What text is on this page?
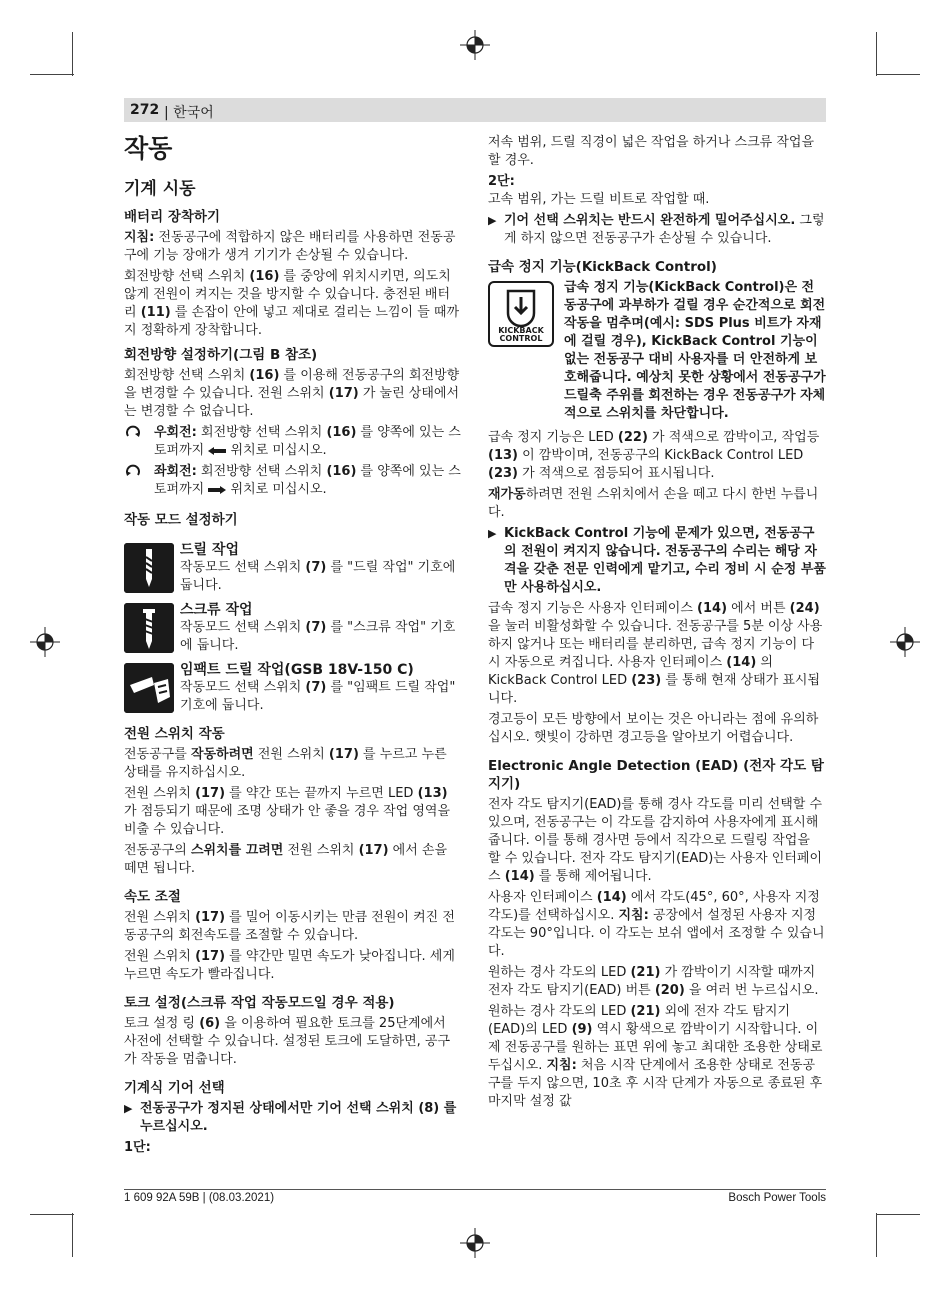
272 | 한국어
작동
기계 시동
배터리 장착하기

지침: 전동공구에 적합하지 않은 배터리를 사용하면 전동공구에 기능 장애가 생겨 기기가 손상될 수 있습니다.

회전방향 선택 스위치 (16) 를 중앙에 위치시키면, 의도치 않게 전원이 켜지는 것을 방지할 수 있습니다. 충전된 배터리 (11) 를 손잡이 안에 넣고 제대로 걸리는 느낌이 들 때까지 정확하게 장착합니다.

회전방향 설정하기(그림 B 참조)

회전방향 선택 스위치 (16) 를 이용해 전동공구의 회전방향을 변경할 수 있습니다. 전원 스위치 (17) 가 눌린 상태에서는 변경할 수 없습니다.

우회전: 회전방향 선택 스위치 (16) 를 양쪽에 있는 스토퍼까지  위치로 미십시오.
좌회전: 회전방향 선택 스위치 (16) 를 양쪽에 있는 스토퍼까지  위치로 미십시오.
작동 모드 설정하기
드릴 작업
작동모드 선택 스위치 (7) 를 "드릴 작업" 기호에 둡니다.
스크류 작업
작동모드 선택 스위치 (7) 를 "스크류 작업" 기호에 둡니다.
임팩트 드릴 작업(GSB 18V-150 C)
작동모드 선택 스위치 (7) 를 "임팩트 드릴 작업" 기호에 둡니다.
전원 스위치 작동

전동공구를 작동하려면 전원 스위치 (17) 를 누르고 누른 상태를 유지하십시오.

전원 스위치 (17) 를 약간 또는 끝까지 누르면 LED (13) 가 점등되기 때문에 조명 상태가 안 좋을 경우 작업 영역을 비출 수 있습니다.

전동공구의 스위치를 끄려면 전원 스위치 (17) 에서 손을 떼면 됩니다.

속도 조절

전원 스위치 (17) 를 밀어 이동시키는 만큼 전원이 켜진 전동공구의 회전속도를 조절할 수 있습니다.

전원 스위치 (17) 를 약간만 밀면 속도가 낮아집니다. 세게 누르면 속도가 빨라집니다.

토크 설정(스크류 작업 작동모드일 경우 적용)

토크 설정 링 (6) 을 이용하여 필요한 토크를 25단계에서 사전에 선택할 수 있습니다. 설정된 토크에 도달하면, 공구가 작동을 멈춥니다.

기계식 기어 선택
▶ 전동공구가 정지된 상태에서만 기어 선택 스위치 (8) 를 누르십시오.
1단:

저속 범위, 드릴 직경이 넓은 작업을 하거나 스크류 작업을 할 경우.

2단:

고속 범위, 가는 드릴 비트로 작업할 때.

▶ 기어 선택 스위치는 반드시 완전하게 밀어주십시오. 그렇게 하지 않으면 전동공구가 손상될 수 있습니다.
급속 정지 기능(KickBack Control)
KICKBACK
CONTROL
급속 정지 기능(KickBack Control)은 전동공구에 과부하가 걸릴 경우 순간적으로 회전작동을 멈추며(예시: SDS Plus 비트가 자재에 걸릴 경우), KickBack Control 기능이 없는 전동공구 대비 사용자를 더 안전하게 보호해줍니다. 예상치 못한 상황에서 전동공구가 드릴축 주위를 회전하는 경우 전동공구가 자체적으로 스위치를 차단합니다.

급속 정지 기능은 LED (22) 가 적색으로 깜박이고, 작업등 (13) 이 깜박이며, 전동공구의 KickBack Control LED (23) 가 적색으로 점등되어 표시됩니다.

재가동하려면 전원 스위치에서 손을 떼고 다시 한번 누릅니다.

▶ KickBack Control 기능에 문제가 있으면, 전동공구의 전원이 켜지지 않습니다. 전동공구의 수리는 해당 자격을 갖춘 전문 인력에게 맡기고, 수리 정비 시 순정 부품만 사용하십시오.

급속 정지 기능은 사용자 인터페이스 (14) 에서 버튼 (24) 을 눌러 비활성화할 수 있습니다. 전동공구를 5분 이상 사용하지 않거나 또는 배터리를 분리하면, 급속 정지 기능이 다시 자동으로 켜집니다. 사용자 인터페이스 (14) 의 KickBack Control LED (23) 를 통해 현재 상태가 표시됩니다.

경고등이 모든 방향에서 보이는 것은 아니라는 점에 유의하십시오. 햇빛이 강하면 경고등을 알아보기 어렵습니다.

Electronic Angle Detection (EAD) (전자 각도 탐지기)

전자 각도 탐지기(EAD)를 통해 경사 각도를 미리 선택할 수 있으며, 전동공구는 이 각도를 감지하여 사용자에게 표시해줍니다. 이를 통해 경사면 등에서 직각으로 드릴링 작업을 할 수 있습니다. 전자 각도 탐지기(EAD)는 사용자 인터페이스 (14) 를 통해 제어됩니다.

사용자 인터페이스 (14) 에서 각도(45°, 60°, 사용자 지정 각도)를 선택하십시오. 지침: 공장에서 설정된 사용자 지정 각도는 90°입니다. 이 각도는 보쉬 앱에서 조정할 수 있습니다.

원하는 경사 각도의 LED (21) 가 깜박이기 시작할 때까지 전자 각도 탐지기(EAD) 버튼 (20) 을 여러 번 누르십시오.

원하는 경사 각도의 LED (21) 외에 전자 각도 탐지기(EAD)의 LED (9) 역시 황색으로 깜박이기 시작합니다. 이제 전동공구를 원하는 표면 위에 놓고 최대한 조용한 상태로 두십시오. 지침: 처음 시작 단계에서 조용한 상태로 전동공구를 두지 않으면, 10초 후 시작 단계가 자동으로 종료된 후 마지막 설정 값

1 609 92A 59B | (08.03.2021)	Bosch Power Tools
